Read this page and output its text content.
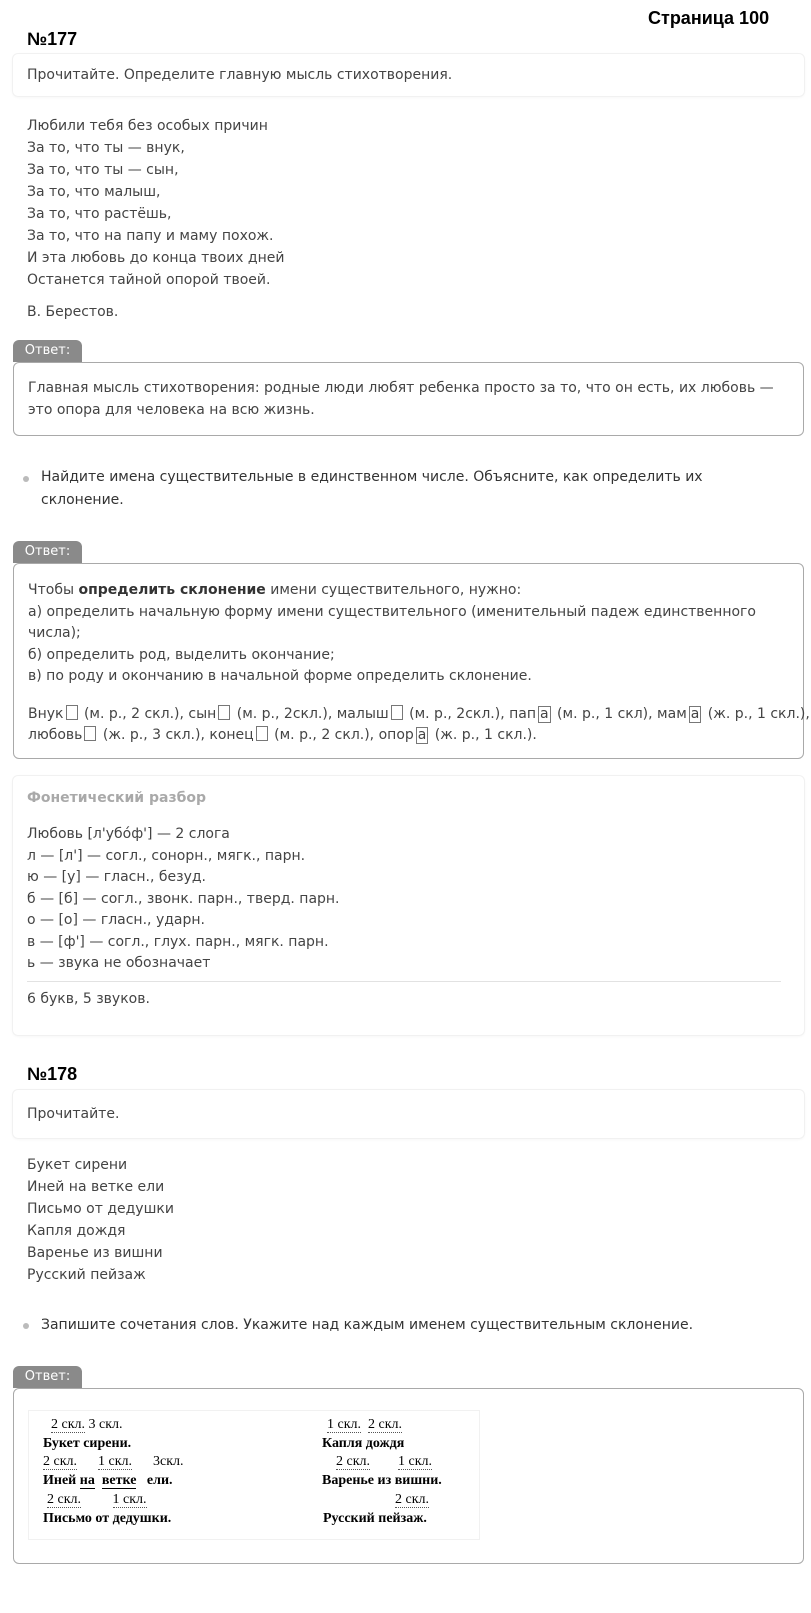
Страница 100
№177
Прочитайте. Определите главную мысль стихотворения.
Любили тебя без особых причин
За то, что ты — внук,
За то, что ты — сын,
За то, что малыш,
За то, что растёшь,
За то, что на папу и маму похож.
И эта любовь до конца твоих дней
Останется тайной опорой твоей.
В. Берестов.
Ответ:
Главная мысль стихотворения: родные люди любят ребенка просто за то, что он есть, их любовь —
это опора для человека на всю жизнь.
Найдите имена существительные в единственном числе. Объясните, как определить их
склонение.
Ответ:
Чтобы определить склонение имени существительного, нужно:
а) определить начальную форму имени существительного (именительный падеж единственного
числа);
б) определить род, выделить окончание;
в) по роду и окончанию в начальной форме определить склонение.
Внук (м. р., 2 скл.), сын (м. р., 2скл.), малыш (м. р., 2скл.), пап а (м. р., 1 скл), мам а (ж. р., 1 скл.),
любовь (ж. р., 3 скл.), конец (м. р., 2 скл.), опор а (ж. р., 1 скл.).
Фонетический разбор
Любовь [л'убо́ф'] — 2 слога
л — [л'] — согл., сонорн., мягк., парн.
ю — [у] — гласн., безуд.
б — [б] — согл., звонк. парн., тверд. парн.
о — [о] — гласн., ударн.
в — [ф'] — согл., глух. парн., мягк. парн.
ь — звука не обозначает
6 букв, 5 звуков.
№178
Прочитайте.
Букет сирени
Иней на ветке ели
Письмо от дедушки
Капля дождя
Варенье из вишни
Русский пейзаж
Запишите сочетания слов. Укажите над каждым именем существительным склонение.
Ответ:
2 скл. 3 скл.
Букет сирени.
2 скл. 1 скл. 3скл.
Иней на ветке ели.
2 скл. 1 скл.
Письмо от дедушки.
1 скл. 2 скл.
Капля дождя
2 скл. 1 скл.
Варенье из вишни.
2 скл.
Русский пейзаж.
